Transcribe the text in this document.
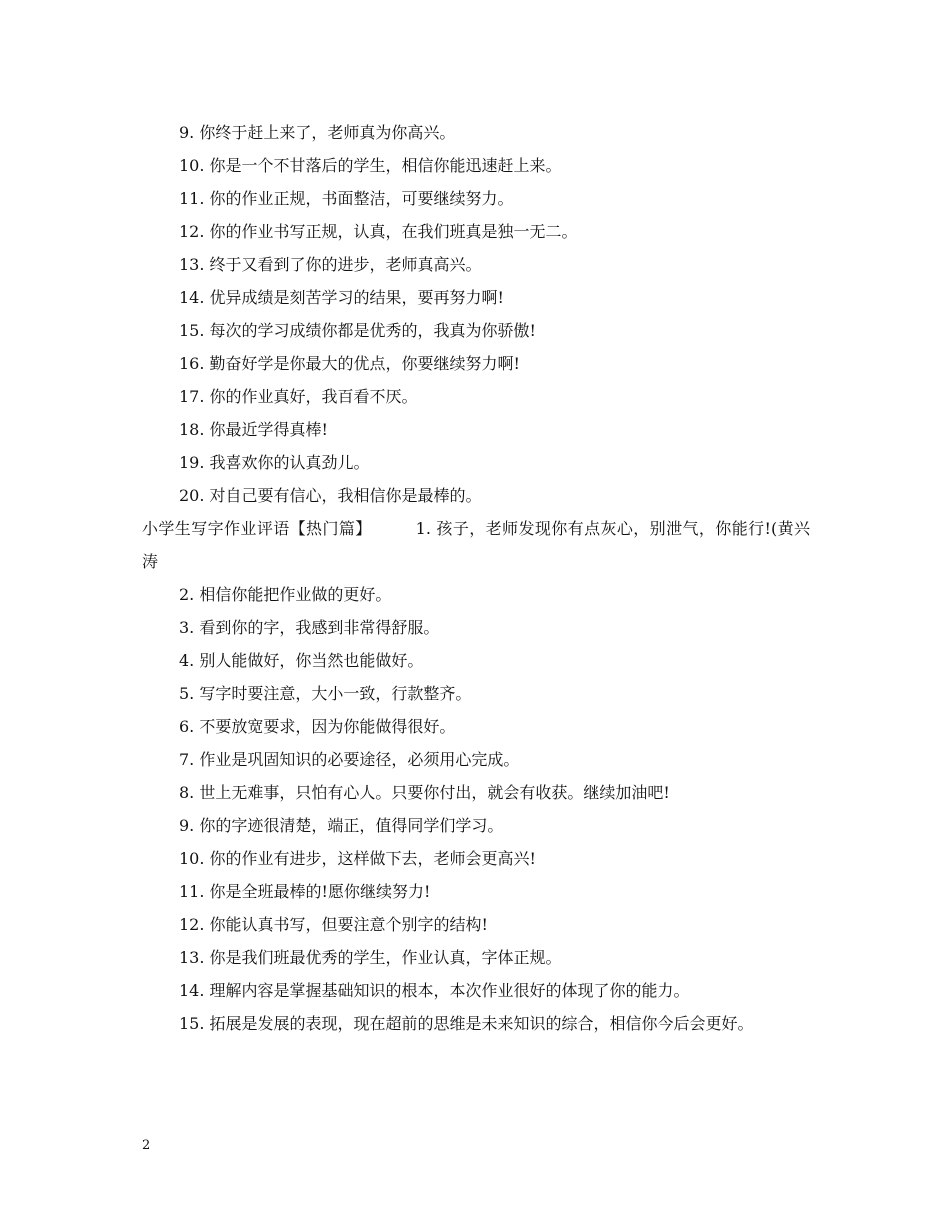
9. 你终于赶上来了，老师真为你高兴。
10. 你是一个不甘落后的学生，相信你能迅速赶上来。
11. 你的作业正规，书面整洁，可要继续努力。
12. 你的作业书写正规，认真，在我们班真是独一无二。
13. 终于又看到了你的进步，老师真高兴。
14. 优异成绩是刻苦学习的结果，要再努力啊!
15. 每次的学习成绩你都是优秀的，我真为你骄傲!
16. 勤奋好学是你最大的优点，你要继续努力啊!
17. 你的作业真好，我百看不厌。
18. 你最近学得真棒!
19. 我喜欢你的认真劲儿。
20. 对自己要有信心，我相信你是最棒的。
小学生写字作业评语【热门篇】	1. 孩子，老师发现你有点灰心，别泄气，你能行!(黄兴涛
2. 相信你能把作业做的更好。
3. 看到你的字，我感到非常得舒服。
4. 别人能做好，你当然也能做好。
5. 写字时要注意，大小一致，行款整齐。
6. 不要放宽要求，因为你能做得很好。
7. 作业是巩固知识的必要途径，必须用心完成。
8. 世上无难事，只怕有心人。只要你付出，就会有收获。继续加油吧!
9. 你的字迹很清楚，端正，值得同学们学习。
10. 你的作业有进步，这样做下去，老师会更高兴!
11. 你是全班最棒的!愿你继续努力!
12. 你能认真书写，但要注意个别字的结构!
13. 你是我们班最优秀的学生，作业认真，字体正规。
14. 理解内容是掌握基础知识的根本，本次作业很好的体现了你的能力。
15. 拓展是发展的表现，现在超前的思维是未来知识的综合，相信你今后会更好。
2
